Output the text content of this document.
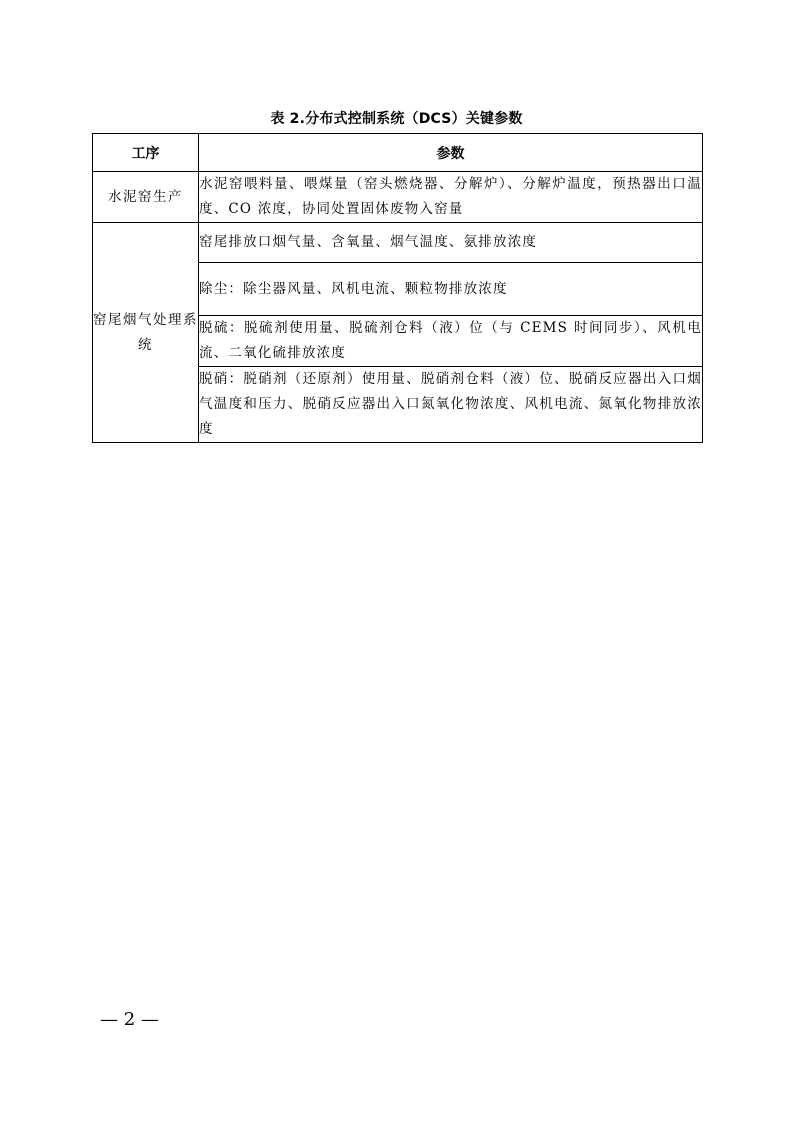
表 2.分布式控制系统（DCS）关键参数
工序	参数
水泥窑生产	水泥窑喂料量、喂煤量（窑头燃烧器、分解炉）、分解炉温度，预热器出口温度、CO 浓度，协同处置固体废物入窑量
窑尾烟气处理系统	窑尾排放口烟气量、含氧量、烟气温度、氨排放浓度
	除尘：除尘器风量、风机电流、颗粒物排放浓度
	脱硫：脱硫剂使用量、脱硫剂仓料（液）位（与 CEMS 时间同步）、风机电流、二氧化硫排放浓度
	脱硝：脱硝剂（还原剂）使用量、脱硝剂仓料（液）位、脱硝反应器出入口烟气温度和压力、脱硝反应器出入口氮氧化物浓度、风机电流、氮氧化物排放浓度
— 2 —
